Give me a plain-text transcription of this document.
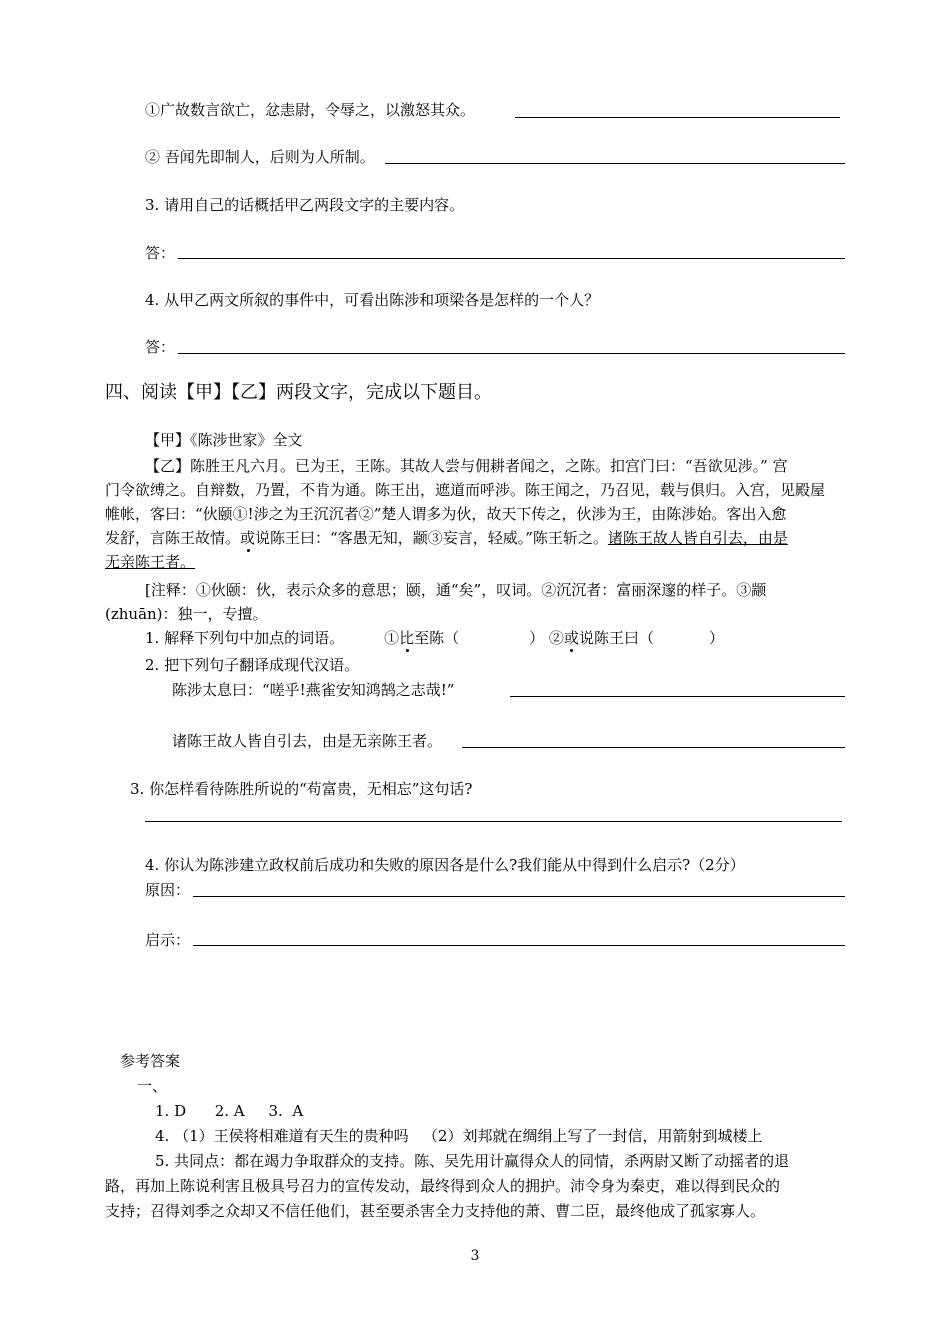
①广故数言欲亡，忿恚尉，令辱之，以激怒其众。
② 吾闻先即制人，后则为人所制。
3. 请用自己的话概括甲乙两段文字的主要内容。
答：
4. 从甲乙两文所叙的事件中，可看出陈涉和项梁各是怎样的一个人？
答：
四、阅读【甲】【乙】两段文字，完成以下题目。
【甲】《陈涉世家》全文
【乙】陈胜王凡六月。已为王，王陈。其故人尝与佣耕者闻之，之陈。扣宫门曰：“吾欲见涉。” 宫
门令欲缚之。自辩数，乃置，不肯为通。陈王出，遮道而呼涉。陈王闻之，乃召见，载与俱归。入宫，见殿屋
帷帐，客曰：“伙颐①!涉之为王沉沉者②”楚人谓多为伙，故天下传之，伙涉为王，由陈涉始。客出入愈
发舒，言陈王故情。或说陈王曰：“客愚无知，颛③妄言，轻威。”陈王斩之。诸陈王故人皆自引去，由是
无亲陈王者。
[注释：①伙颐：伙，表示众多的意思；颐，通“矣”，叹词。②沉沉者：富丽深邃的样子。③颛
(zhuān)：独一，专擅。
1. 解释下列句中加点的词语。	①比至陈（	） ②或说陈王曰（	）
2. 把下列句子翻译成现代汉语。
陈涉太息曰：“嗟乎!燕雀安知鸿鹄之志哉!”
诸陈王故人皆自引去，由是无亲陈王者。
3. 你怎样看待陈胜所说的“苟富贵，无相忘”这句话?
4. 你认为陈涉建立政权前后成功和失败的原因各是什么?我们能从中得到什么启示?（2分）
原因：
启示：
参考答案
一、
1. D      2. A     3.  A
4. （1）王侯将相难道有天生的贵种吗   （2）刘邦就在绸绢上写了一封信，用箭射到城楼上
5. 共同点：都在竭力争取群众的支持。陈、吴先用计赢得众人的同情，杀两尉又断了动摇者的退
路，再加上陈说利害且极具号召力的宣传发动，最终得到众人的拥护。沛令身为秦吏，难以得到民众的
支持；召得刘季之众却又不信任他们，甚至要杀害全力支持他的萧、曹二臣，最终他成了孤家寡人。
3
